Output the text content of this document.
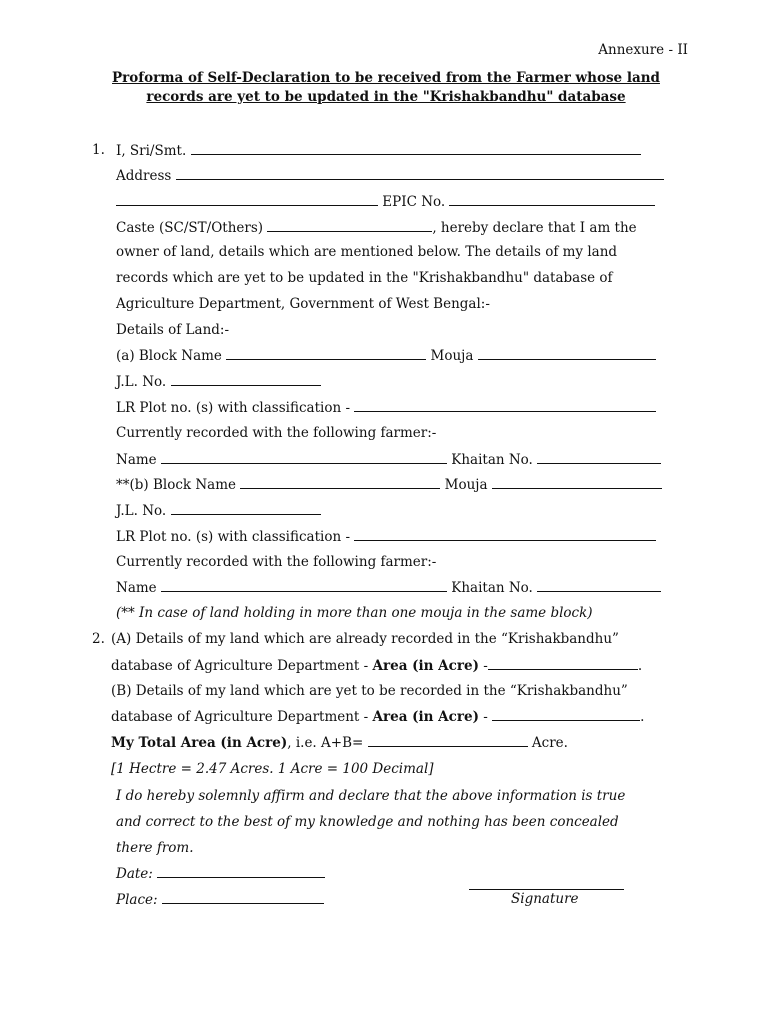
Annexure - II
Proforma of Self-Declaration to be received from the Farmer whose land
records are yet to be updated in the "Krishakbandhu" database
1. I, Sri/Smt.
Address
EPIC No.
Caste (SC/ST/Others)	, hereby declare that I am the
owner of land, details which are mentioned below. The details of my land
records which are yet to be updated in the "Krishakbandhu" database of
Agriculture Department, Government of West Bengal:-
Details of Land:-
(a) Block Name	Mouja
J.L. No.
LR Plot no. (s) with classification -
Currently recorded with the following farmer:-
Name	Khaitan No.
**(b) Block Name	Mouja
J.L. No.
LR Plot no. (s) with classification -
Currently recorded with the following farmer:-
Name	Khaitan No.
(** In case of land holding in more than one mouja in the same block)
2. (A) Details of my land which are already recorded in the “Krishakbandhu”
database of Agriculture Department - Area (in Acre) -	.
(B) Details of my land which are yet to be recorded in the “Krishakbandhu”
database of Agriculture Department - Area (in Acre) -	.
My Total Area (in Acre), i.e. A+B=	Acre.
[1 Hectre = 2.47 Acres. 1 Acre = 100 Decimal]
I do hereby solemnly affirm and declare that the above information is true
and correct to the best of my knowledge and nothing has been concealed
there from.
Date:
Place:	Signature
